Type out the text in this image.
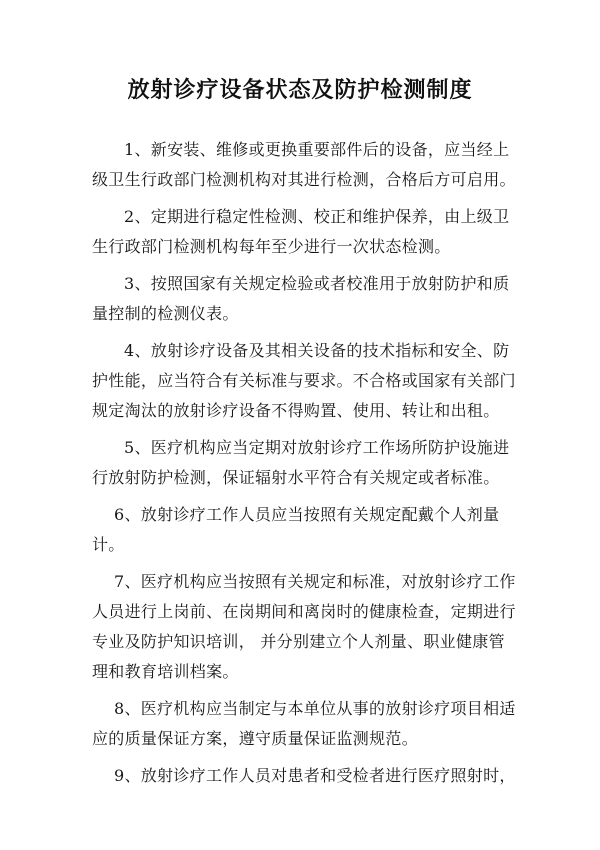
放射诊疗设备状态及防护检测制度
1、新安装、维修或更换重要部件后的设备，应当经上
级卫生行政部门检测机构对其进行检测，合格后方可启用。
2、定期进行稳定性检测、校正和维护保养，由上级卫
生行政部门检测机构每年至少进行一次状态检测。
3、按照国家有关规定检验或者校准用于放射防护和质
量控制的检测仪表。
4、放射诊疗设备及其相关设备的技术指标和安全、防
护性能，应当符合有关标准与要求。不合格或国家有关部门
规定淘汰的放射诊疗设备不得购置、使用、转让和出租。
5、医疗机构应当定期对放射诊疗工作场所防护设施进
行放射防护检测，保证辐射水平符合有关规定或者标准。
6、放射诊疗工作人员应当按照有关规定配戴个人剂量
计。
7、医疗机构应当按照有关规定和标准，对放射诊疗工作
人员进行上岗前、在岗期间和离岗时的健康检查，定期进行
专业及防护知识培训， 并分别建立个人剂量、职业健康管
理和教育培训档案。
8、医疗机构应当制定与本单位从事的放射诊疗项目相适
应的质量保证方案，遵守质量保证监测规范。
9、放射诊疗工作人员对患者和受检者进行医疗照射时，
